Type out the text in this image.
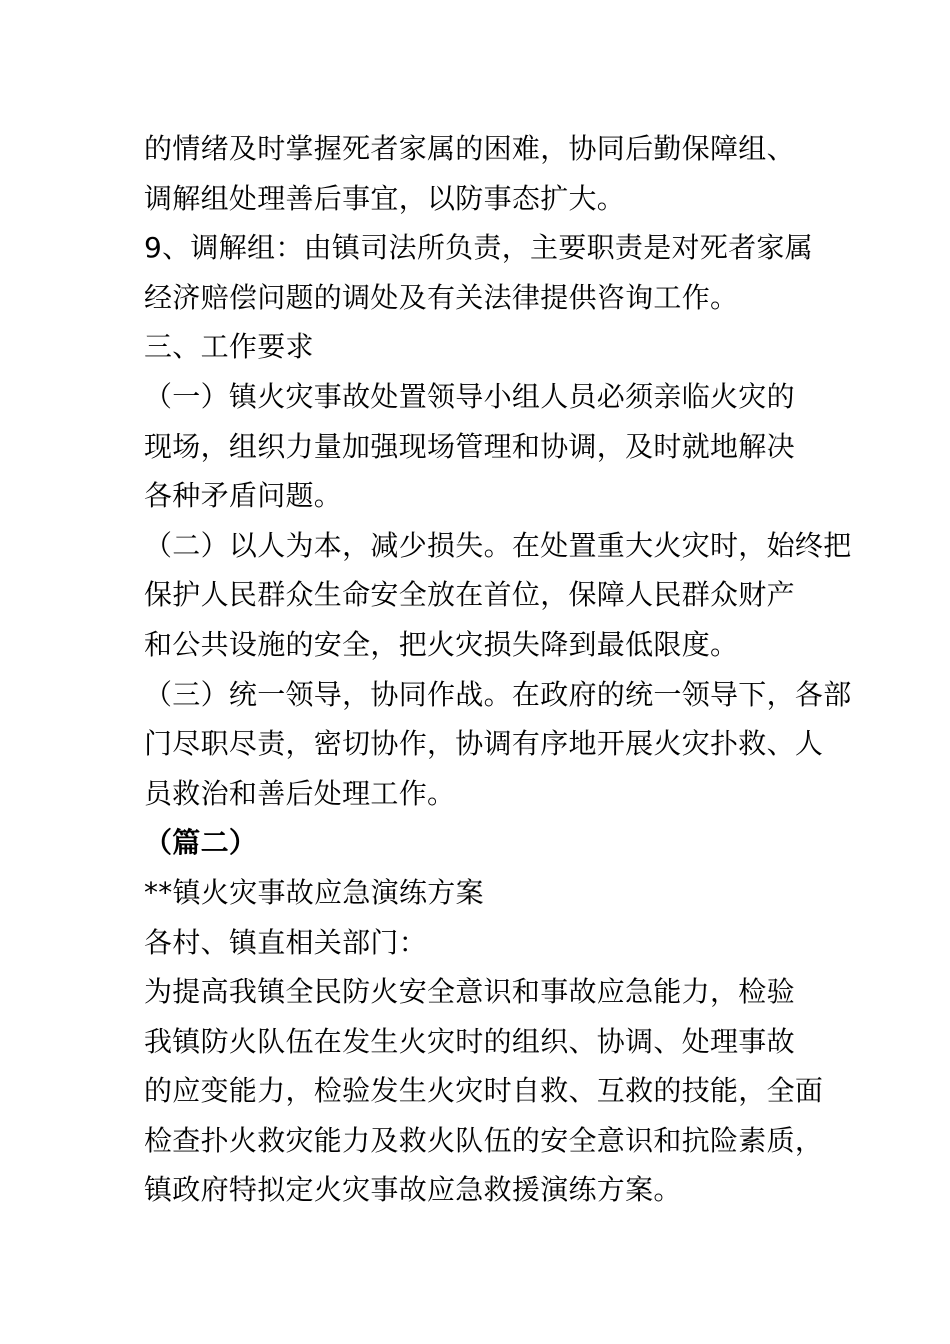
的情绪及时掌握死者家属的困难，协同后勤保障组、
调解组处理善后事宜，以防事态扩大。
9、调解组：由镇司法所负责，主要职责是对死者家属
经济赔偿问题的调处及有关法律提供咨询工作。
三、工作要求
（一）镇火灾事故处置领导小组人员必须亲临火灾的
现场，组织力量加强现场管理和协调，及时就地解决
各种矛盾问题。
（二）以人为本，减少损失。在处置重大火灾时，始终把
保护人民群众生命安全放在首位，保障人民群众财产
和公共设施的安全，把火灾损失降到最低限度。
（三）统一领导，协同作战。在政府的统一领导下，各部
门尽职尽责，密切协作，协调有序地开展火灾扑救、人
员救治和善后处理工作。
（篇二）
**镇火灾事故应急演练方案
各村、镇直相关部门：
为提高我镇全民防火安全意识和事故应急能力，检验
我镇防火队伍在发生火灾时的组织、协调、处理事故
的应变能力，检验发生火灾时自救、互救的技能，全面
检查扑火救灾能力及救火队伍的安全意识和抗险素质，
镇政府特拟定火灾事故应急救援演练方案。
